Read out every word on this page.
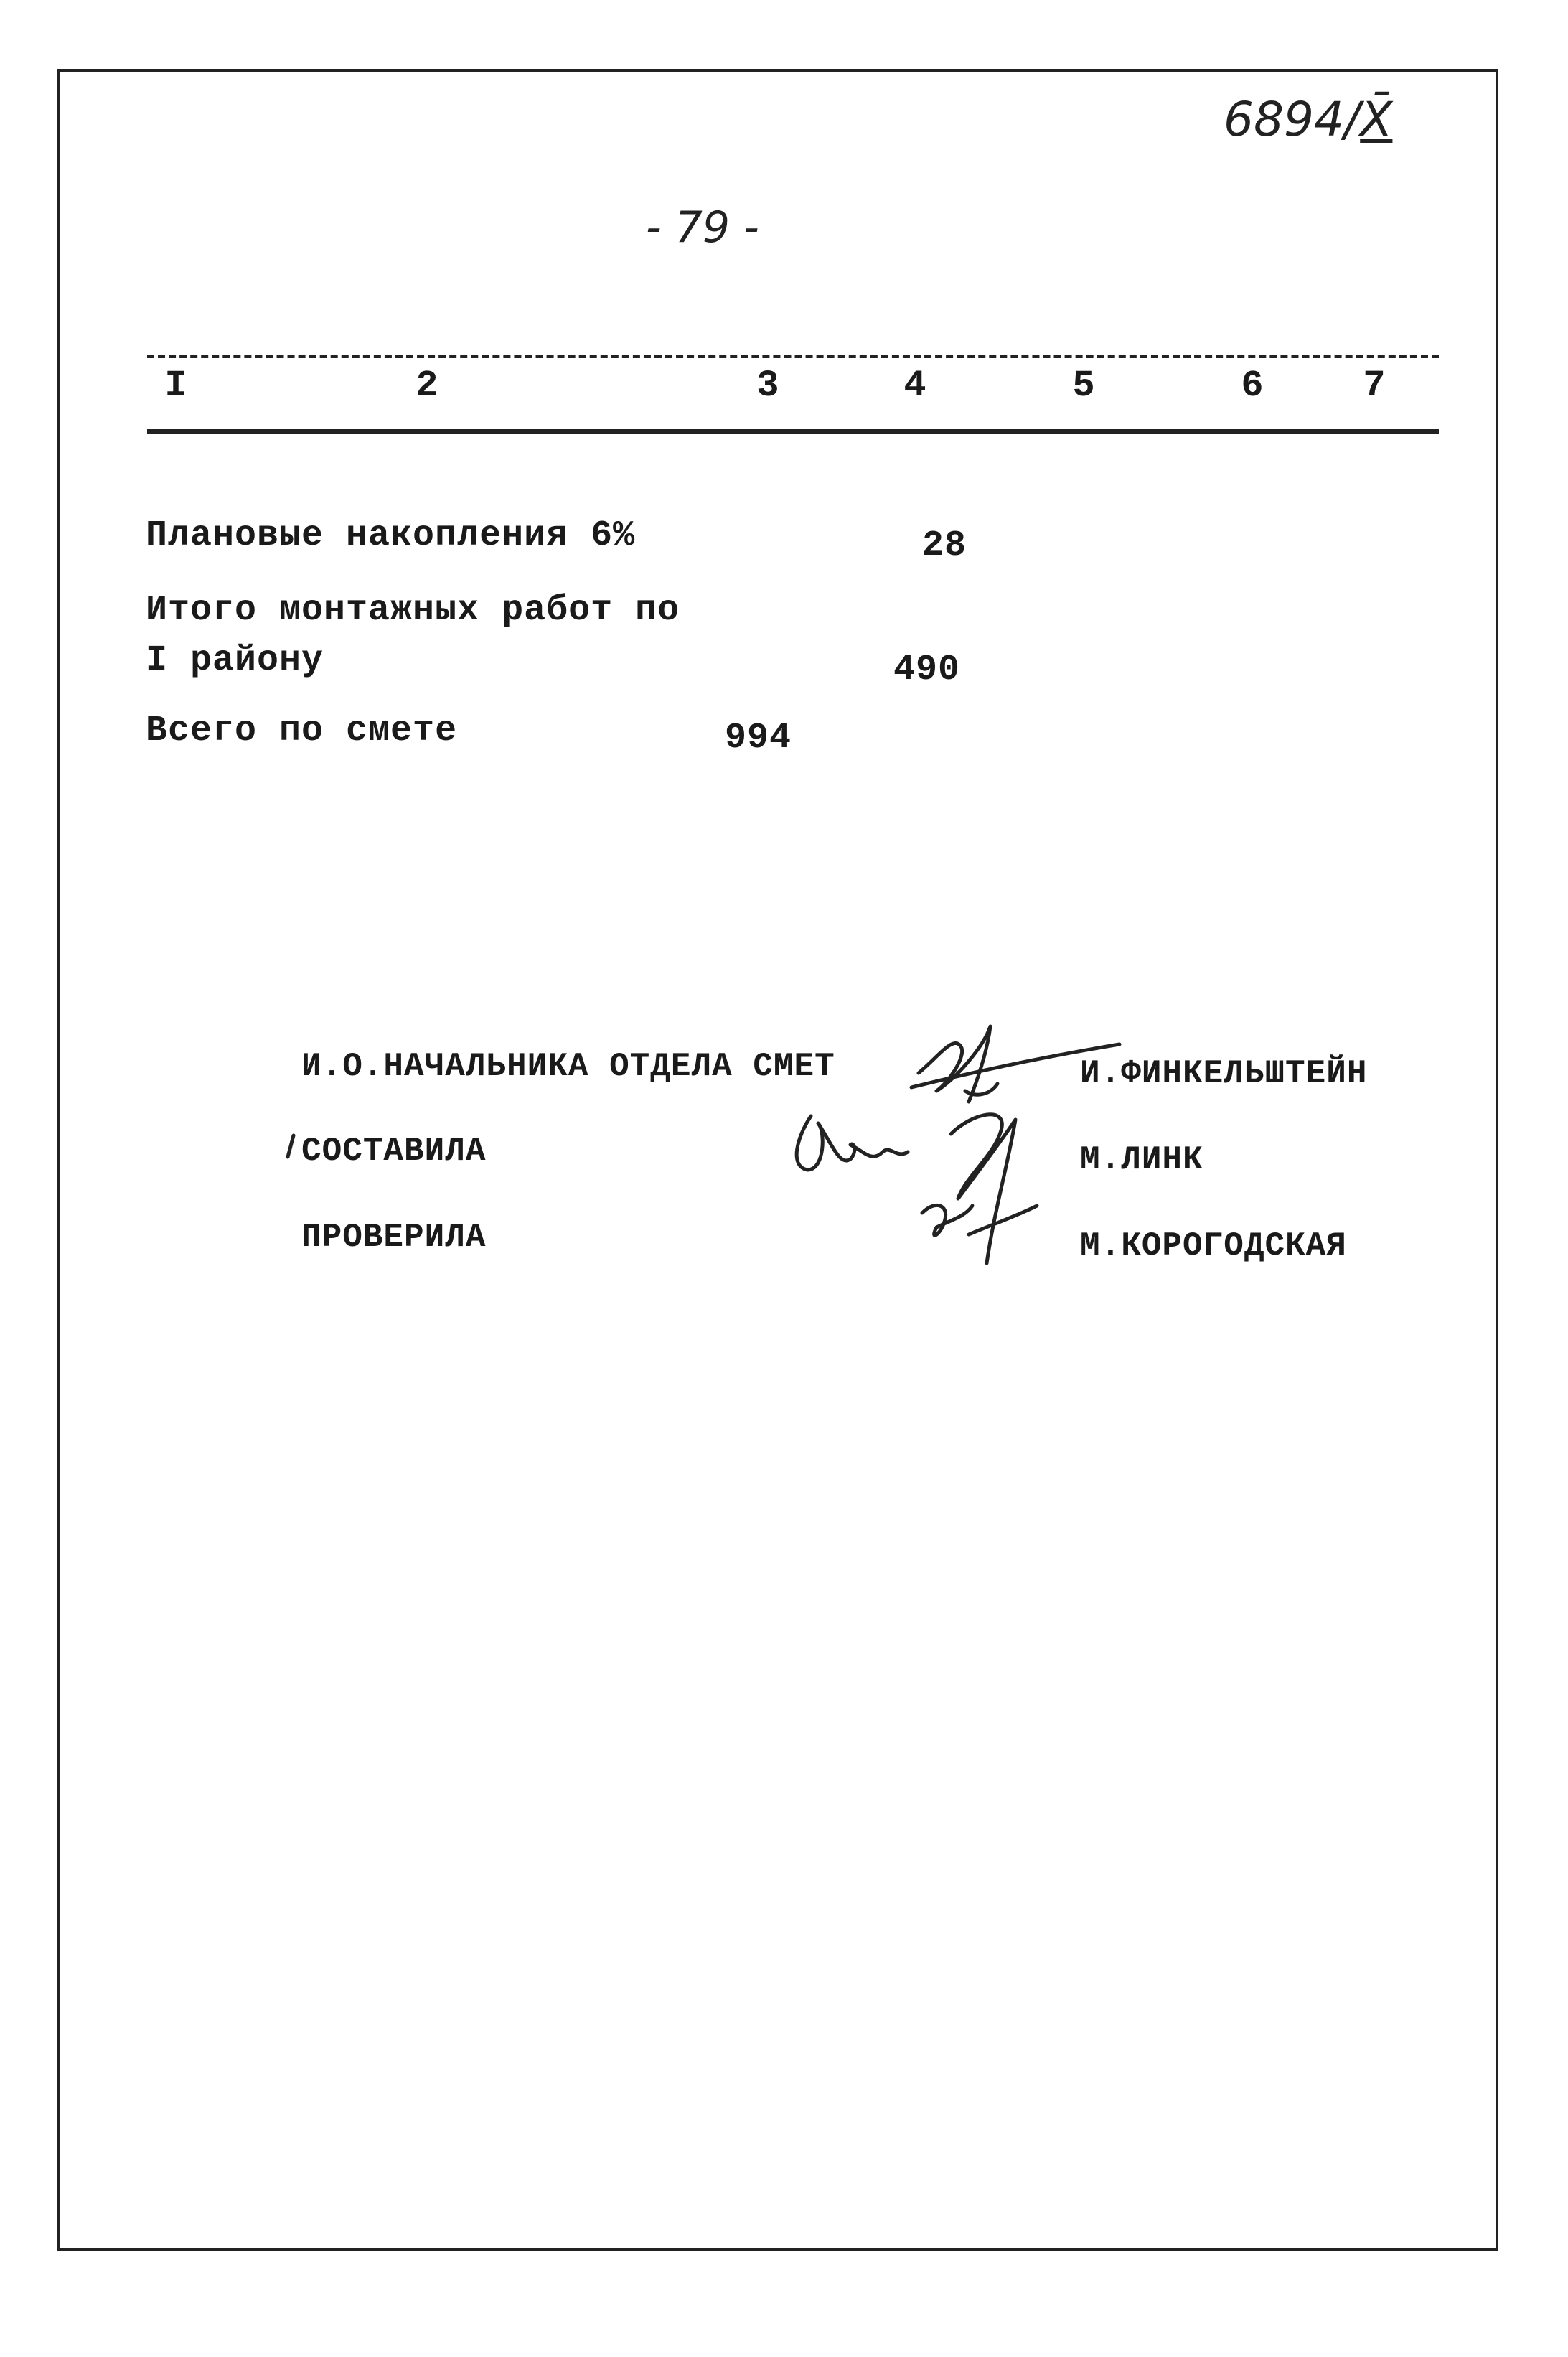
6894/X̄
- 79 -
I	2	3	4	5	6	7
Плановые накопления 6%	28
Итого монтажных работ по
I району	490
Всего по смете	994
И.О.НАЧАЛЬНИКА ОТДЕЛА СМЕТ	И.ФИНКЕЛЬШТЕЙН
СОСТАВИЛА	М.ЛИНК
ПРОВЕРИЛА	М.КОРОГОДСКАЯ
